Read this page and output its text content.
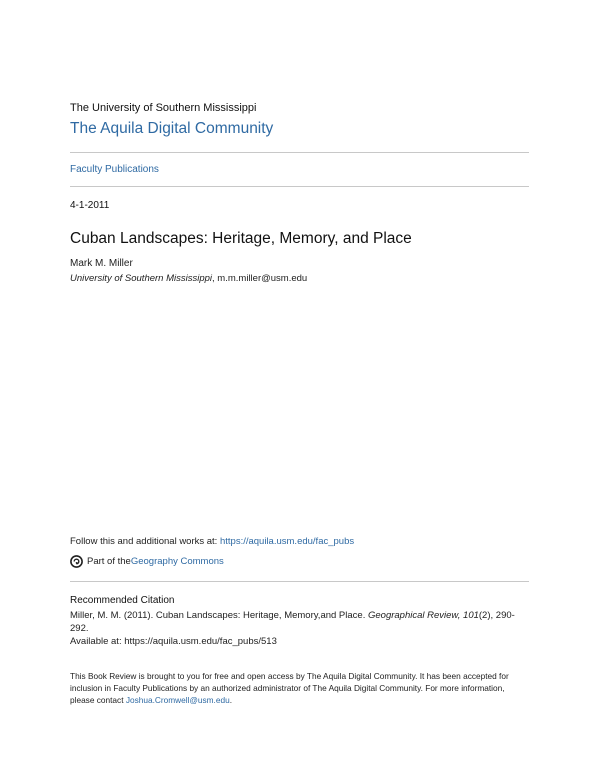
The University of Southern Mississippi
The Aquila Digital Community
Faculty Publications
4-1-2011
Cuban Landscapes: Heritage, Memory, and Place
Mark M. Miller
University of Southern Mississippi, m.m.miller@usm.edu
Follow this and additional works at: https://aquila.usm.edu/fac_pubs
Part of the Geography Commons
Recommended Citation
Miller, M. M. (2011). Cuban Landscapes: Heritage, Memory,and Place. Geographical Review, 101(2), 290-292.
Available at: https://aquila.usm.edu/fac_pubs/513
This Book Review is brought to you for free and open access by The Aquila Digital Community. It has been accepted for inclusion in Faculty Publications by an authorized administrator of The Aquila Digital Community. For more information, please contact Joshua.Cromwell@usm.edu.
